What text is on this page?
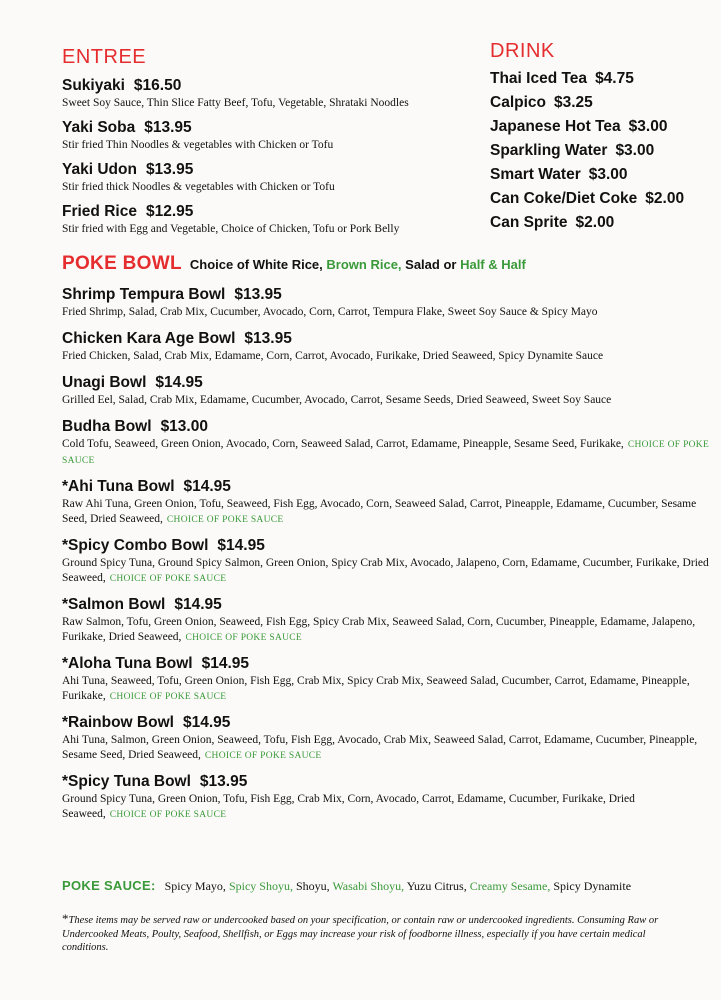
ENTREE
Sukiyaki $16.50
Sweet Soy Sauce, Thin Slice Fatty Beef, Tofu, Vegetable, Shrataki Noodles
Yaki Soba $13.95
Stir fried Thin Noodles & vegetables with Chicken or Tofu
Yaki Udon $13.95
Stir fried thick Noodles & vegetables with Chicken or Tofu
Fried Rice $12.95
Stir fried with Egg and Vegetable, Choice of Chicken, Tofu or Pork Belly
DRINK
Thai Iced Tea $4.75
Calpico $3.25
Japanese Hot Tea $3.00
Sparkling Water $3.00
Smart Water $3.00
Can Coke/Diet Coke $2.00
Can Sprite $2.00
POKE BOWL Choice of White Rice, Brown Rice, Salad or Half & Half
Shrimp Tempura Bowl $13.95
Fried Shrimp, Salad, Crab Mix, Cucumber, Avocado, Corn, Carrot, Tempura Flake, Sweet Soy Sauce & Spicy Mayo
Chicken Kara Age Bowl $13.95
Fried Chicken, Salad, Crab Mix, Edamame, Corn, Carrot, Avocado, Furikake, Dried Seaweed, Spicy Dynamite Sauce
Unagi Bowl $14.95
Grilled Eel, Salad, Crab Mix, Edamame, Cucumber, Avocado, Carrot, Sesame Seeds, Dried Seaweed, Sweet Soy Sauce
Budha Bowl $13.00
Cold Tofu, Seaweed, Green Onion, Avocado, Corn, Seaweed Salad, Carrot, Edamame, Pineapple, Sesame Seed, Furikake, CHOICE OF POKE SAUCE
*Ahi Tuna Bowl $14.95
Raw Ahi Tuna, Green Onion, Tofu, Seaweed, Fish Egg, Avocado, Corn, Seaweed Salad, Carrot, Pineapple, Edamame, Cucumber, Sesame Seed, Dried Seaweed, CHOICE OF POKE SAUCE
*Spicy Combo Bowl $14.95
Ground Spicy Tuna, Ground Spicy Salmon, Green Onion, Spicy Crab Mix, Avocado, Jalapeno, Corn, Edamame, Cucumber, Furikake, Dried Seaweed, CHOICE OF POKE SAUCE
*Salmon Bowl $14.95
Raw Salmon, Tofu, Green Onion, Seaweed, Fish Egg, Spicy Crab Mix, Seaweed Salad, Corn, Cucumber, Pineapple, Edamame, Jalapeno, Furikake, Dried Seaweed, CHOICE OF POKE SAUCE
*Aloha Tuna Bowl $14.95
Ahi Tuna, Seaweed, Tofu, Green Onion, Fish Egg, Crab Mix, Spicy Crab Mix, Seaweed Salad, Cucumber, Carrot, Edamame, Pineapple, Furikake, CHOICE OF POKE SAUCE
*Rainbow Bowl $14.95
Ahi Tuna, Salmon, Green Onion, Seaweed, Tofu, Fish Egg, Avocado, Crab Mix, Seaweed Salad, Carrot, Edamame, Cucumber, Pineapple, Sesame Seed, Dried Seaweed, CHOICE OF POKE SAUCE
*Spicy Tuna Bowl $13.95
Ground Spicy Tuna, Green Onion, Tofu, Fish Egg, Crab Mix, Corn, Avocado, Carrot, Edamame, Cucumber, Furikake, Dried Seaweed, CHOICE OF POKE SAUCE
POKE SAUCE: Spicy Mayo, Spicy Shoyu, Shoyu, Wasabi Shoyu, Yuzu Citrus, Creamy Sesame, Spicy Dynamite
*These items may be served raw or undercooked based on your specification, or contain raw or undercooked ingredients. Consuming Raw or Undercooked Meats, Poulty, Seafood, Shellfish, or Eggs may increase your risk of foodborne illness, especially if you have certain medical conditions.
